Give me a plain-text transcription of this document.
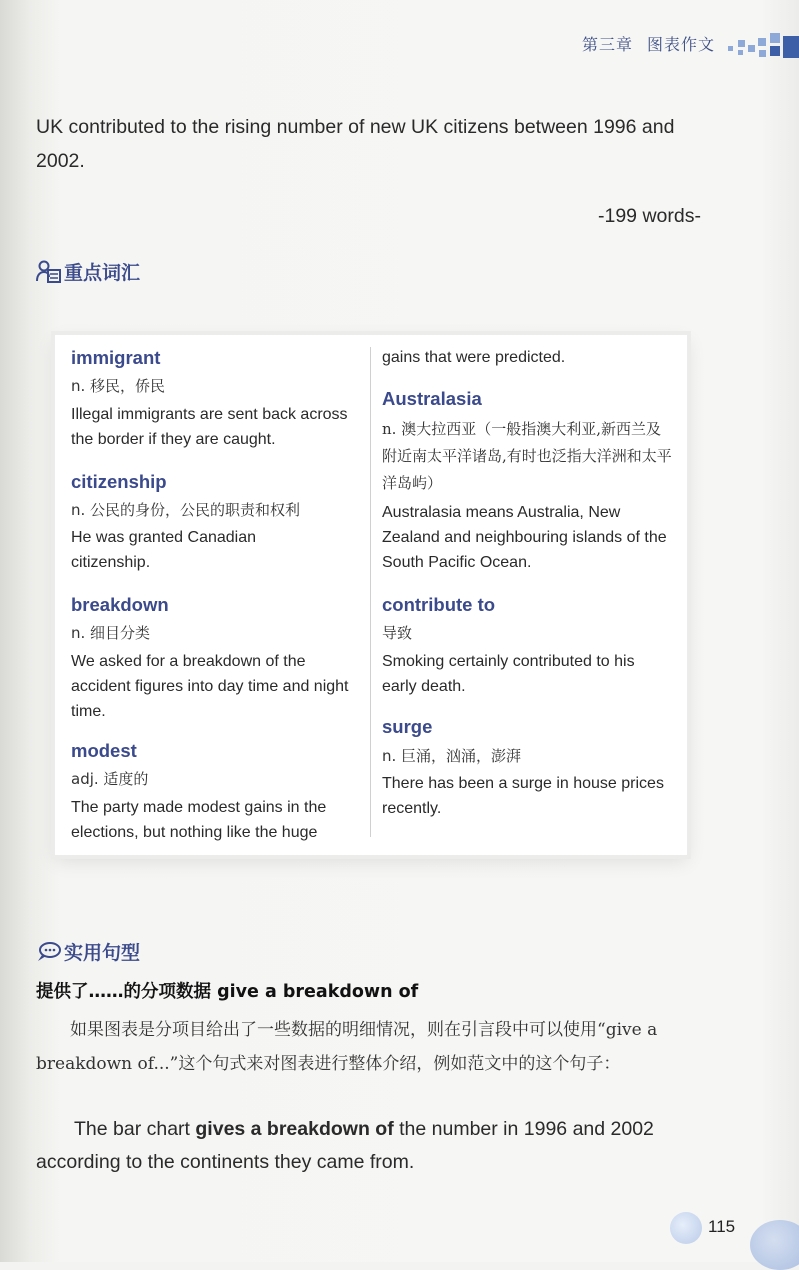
第三章 图表作文
UK contributed to the rising number of new UK citizens between 1996 and 2002.
-199 words-
重点词汇
immigrant
n. 移民，侨民
Illegal immigrants are sent back across the border if they are caught.
citizenship
n. 公民的身份，公民的职责和权利
He was granted Canadian citizenship.
breakdown
n. 细目分类
We asked for a breakdown of the accident figures into day time and night time.
modest
adj. 适度的
The party made modest gains in the elections, but nothing like the huge
gains that were predicted.
Australasia
n. 澳大拉西亚（一般指澳大利亚,新西兰及附近南太平洋诸岛,有时也泛指大洋洲和太平洋岛屿）
Australasia means Australia, New Zealand and neighbouring islands of the South Pacific Ocean.
contribute to
导致
Smoking certainly contributed to his early death.
surge
n. 巨涌，汹涌，澎湃
There has been a surge in house prices recently.
实用句型
提供了……的分项数据 give a breakdown of
如果图表是分项目给出了一些数据的明细情况，则在引言段中可以使用“give a breakdown of...”这个句式来对图表进行整体介绍，例如范文中的这个句子：
The bar chart gives a breakdown of the number in 1996 and 2002 according to the continents they came from.
115
